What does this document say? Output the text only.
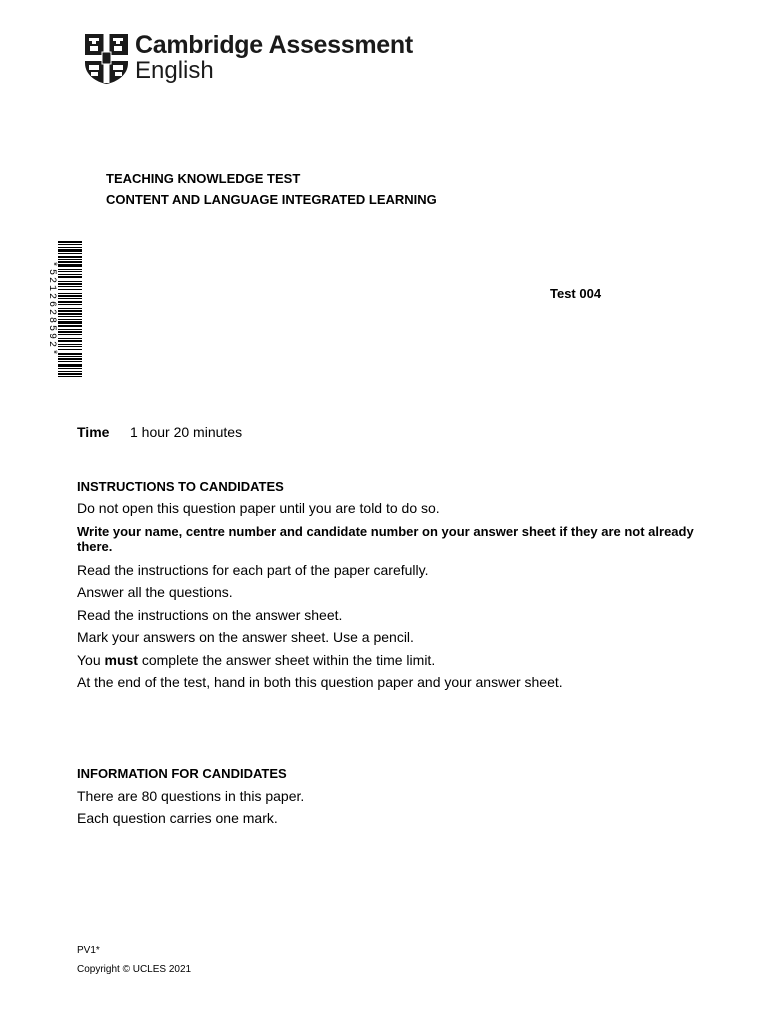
Cambridge Assessment
English
TEACHING KNOWLEDGE TEST
CONTENT AND LANGUAGE INTEGRATED LEARNING
*5212628592*	Test 004
Time 1 hour 20 minutes
INSTRUCTIONS TO CANDIDATES
Do not open this question paper until you are told to do so.
Write your name, centre number and candidate number on your answer sheet if they are not already there.
Read the instructions for each part of the paper carefully.
Answer all the questions.
Read the instructions on the answer sheet.
Mark your answers on the answer sheet. Use a pencil.
You must complete the answer sheet within the time limit.
At the end of the test, hand in both this question paper and your answer sheet.
INFORMATION FOR CANDIDATES
There are 80 questions in this paper.
Each question carries one mark.
PV1*
Copyright © UCLES 2021
